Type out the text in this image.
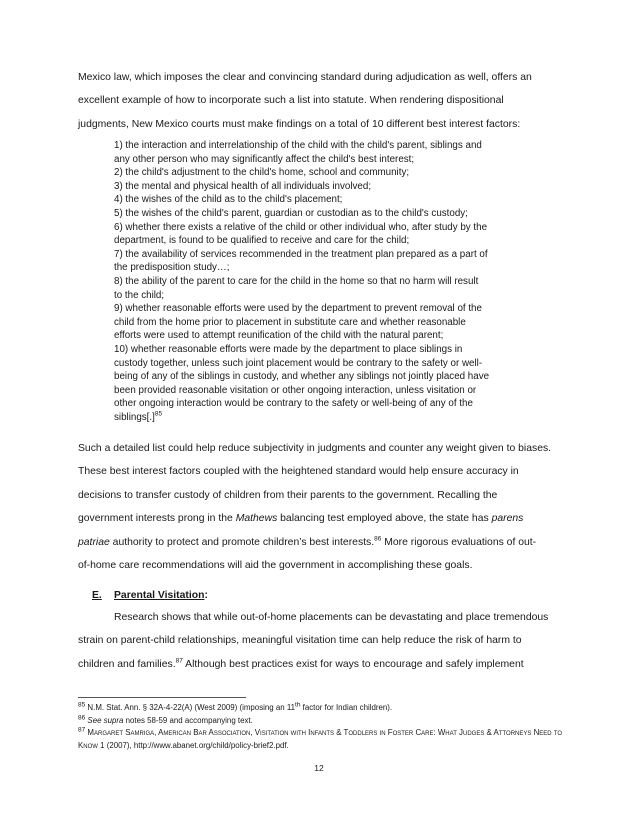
Mexico law, which imposes the clear and convincing standard during adjudication as well, offers an
excellent example of how to incorporate such a list into statute. When rendering dispositional
judgments, New Mexico courts must make findings on a total of 10 different best interest factors:

1) the interaction and interrelationship of the child with the child's parent, siblings and
any other person who may significantly affect the child's best interest;
2) the child's adjustment to the child's home, school and community;
3) the mental and physical health of all individuals involved;
4) the wishes of the child as to the child's placement;
5) the wishes of the child's parent, guardian or custodian as to the child's custody;
6) whether there exists a relative of the child or other individual who, after study by the
department, is found to be qualified to receive and care for the child;
7) the availability of services recommended in the treatment plan prepared as a part of
the predisposition study…;
8) the ability of the parent to care for the child in the home so that no harm will result
to the child;
9) whether reasonable efforts were used by the department to prevent removal of the
child from the home prior to placement in substitute care and whether reasonable
efforts were used to attempt reunification of the child with the natural parent;
10) whether reasonable efforts were made by the department to place siblings in
custody together, unless such joint placement would be contrary to the safety or well-
being of any of the siblings in custody, and whether any siblings not jointly placed have
been provided reasonable visitation or other ongoing interaction, unless visitation or
other ongoing interaction would be contrary to the safety or well-being of any of the
siblings[.]$^{85}$

Such a detailed list could help reduce subjectivity in judgments and counter any weight given to biases.
These best interest factors coupled with the heightened standard would help ensure accuracy in
decisions to transfer custody of children from their parents to the government. Recalling the
government interests prong in the Mathews balancing test employed above, the state has parens
patriae authority to protect and promote children’s best interests.$^{86}$ More rigorous evaluations of out-
of-home care recommendations will aid the government in accomplishing these goals.

E. Parental Visitation:

Research shows that while out-of-home placements can be devastating and place tremendous
strain on parent-child relationships, meaningful visitation time can help reduce the risk of harm to
children and families.$^{87}$ Although best practices exist for ways to encourage and safely implement

$^{85}$ N.M. Stat. Ann. § 32A-4-22(A) (West 2009) (imposing an 11th factor for Indian children).
$^{86}$ See supra notes 58-59 and accompanying text.
$^{87}$ Margaret Samriga, American Bar Association, Visitation with Infants & Toddlers in Foster Care: What Judges & Attorneys Need to
Know 1 (2007), http://www.abanet.org/child/policy-brief2.pdf.
12
